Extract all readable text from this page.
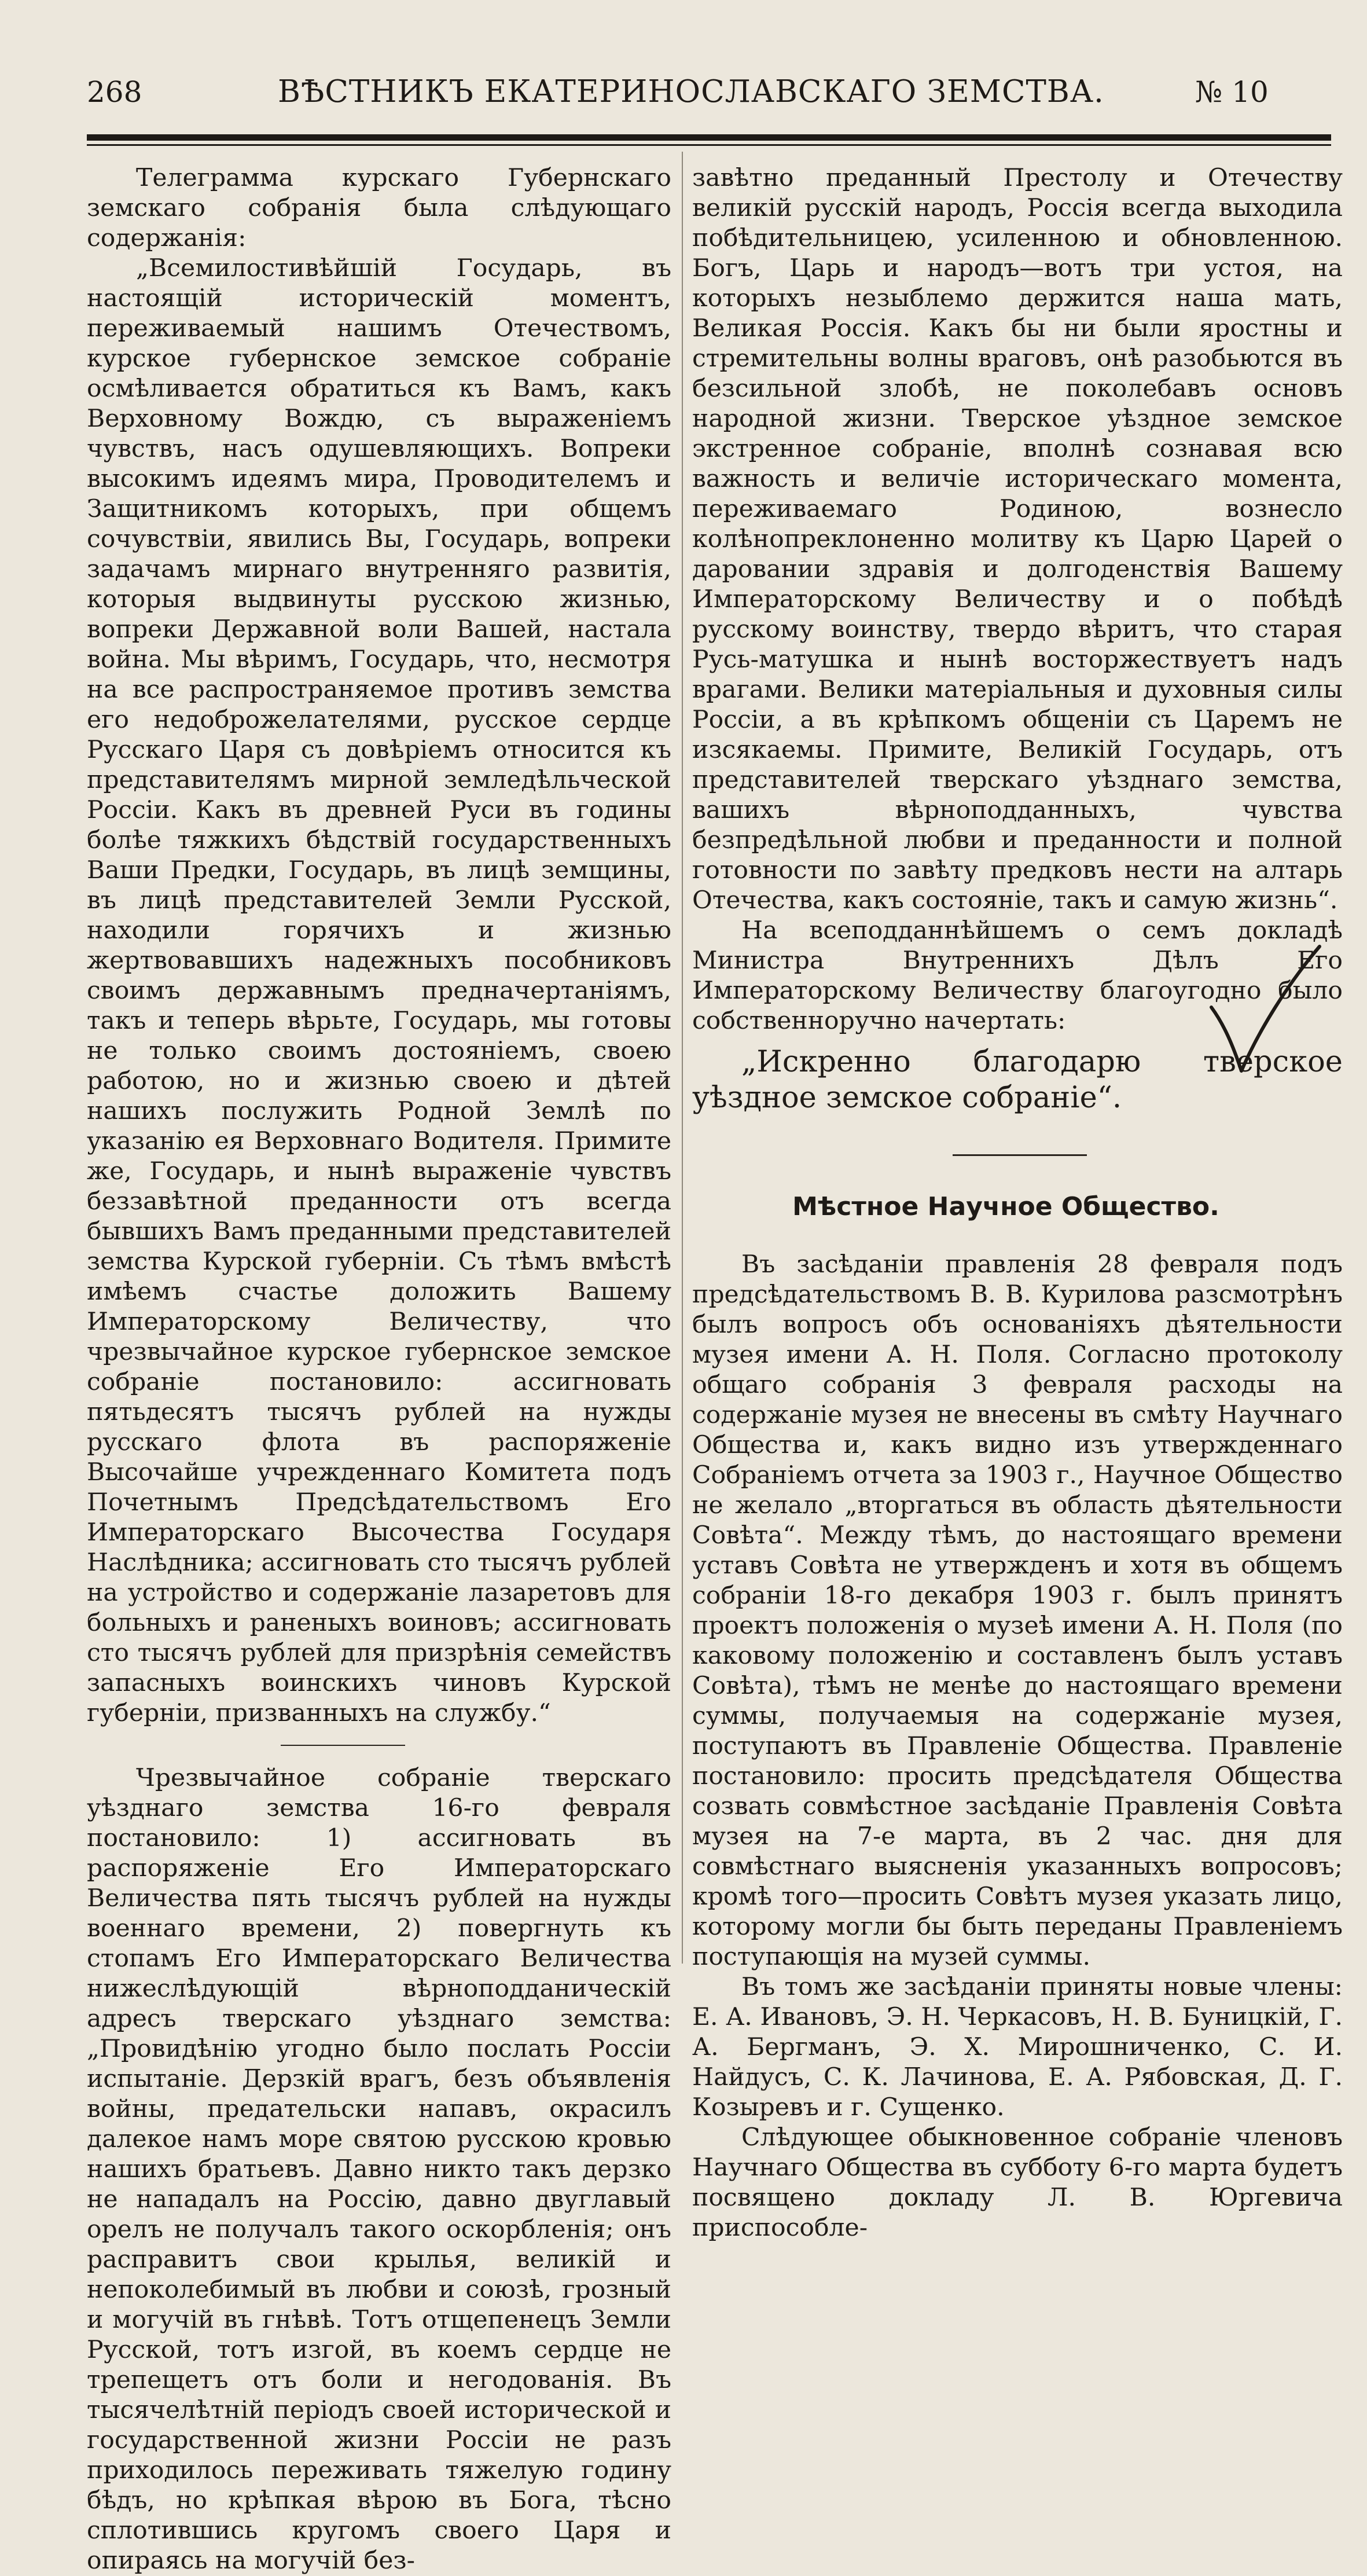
268	ВѢСТНИКЪ ЕКАТЕРИНОСЛАВСКАГО ЗЕМСТВА.	№ 10

Телеграмма курскаго Губернскаго земскаго собранія была слѣдующаго содержанія:

„Всемилостивѣйшій Государь, въ настоящій историческій моментъ, переживаемый нашимъ Отечествомъ, курское губернское земское собраніе осмѣливается обратиться къ Вамъ, какъ Верховному Вождю, съ выраженіемъ чувствъ, насъ одушевляющихъ. Вопреки высокимъ идеямъ мира, Проводителемъ и Защитникомъ которыхъ, при общемъ сочувствіи, явились Вы, Государь, вопреки задачамъ мирнаго внутренняго развитія, которыя выдвинуты русскою жизнью, вопреки Державной воли Вашей, настала война. Мы вѣримъ, Государь, что, несмотря на все распространяемое противъ земства его недоброжелателями, русское сердце Русскаго Царя съ довѣріемъ относится къ представителямъ мирной земледѣльческой Россіи. Какъ въ древней Руси въ годины болѣе тяжкихъ бѣдствій государственныхъ Ваши Предки, Государь, въ лицѣ земщины, въ лицѣ представителей Земли Русской, находили горячихъ и жизнью жертвовавшихъ надежныхъ пособниковъ своимъ державнымъ предначертаніямъ, такъ и теперь вѣрьте, Государь, мы готовы не только своимъ достояніемъ, своею работою, но и жизнью своею и дѣтей нашихъ послужить Родной Землѣ по указанію ея Верховнаго Водителя. Примите же, Государь, и нынѣ выраженіе чувствъ беззавѣтной преданности отъ всегда бывшихъ Вамъ преданными представителей земства Курской губерніи. Съ тѣмъ вмѣстѣ имѣемъ счастье доложить Вашему Императорскому Величеству, что чрезвычайное курское губернское земское собраніе постановило: ассигновать пятьдесятъ тысячъ рублей на нужды русскаго флота въ распоряженіе Высочайше учрежденнаго Комитета подъ Почетнымъ Предсѣдательствомъ Его Императорскаго Высочества Государя Наслѣдника; ассигновать сто тысячъ рублей на устройство и содержаніе лазаретовъ для больныхъ и раненыхъ воиновъ; ассигновать сто тысячъ рублей для призрѣнія семействъ запасныхъ воинскихъ чиновъ Курской губерніи, призванныхъ на службу.“

Чрезвычайное собраніе тверскаго уѣзднаго земства 16-го февраля постановило: 1) ассигновать въ распоряженіе Его Императорскаго Величества пять тысячъ рублей на нужды военнаго времени, 2) повергнуть къ стопамъ Его Императорскаго Величества нижеслѣдующій вѣрноподданическій адресъ тверскаго уѣзднаго земства: „Провидѣнію угодно было послать Россіи испытаніе. Дерзкій врагъ, безъ объявленія войны, предательски напавъ, окрасилъ далекое намъ море святою русскою кровью нашихъ братьевъ. Давно никто такъ дерзко не нападалъ на Россію, давно двуглавый орелъ не получалъ такого оскорбленія; онъ расправитъ свои крылья, великій и непоколебимый въ любви и союзѣ, грозный и могучій въ гнѣвѣ. Тотъ отщепенецъ Земли Русской, тотъ изгой, въ коемъ сердце не трепещетъ отъ боли и негодованія. Въ тысячелѣтній періодъ своей исторической и государственной жизни Россіи не разъ приходилось переживать тяжелую годину бѣдъ, но крѣпкая вѣрою въ Бога, тѣсно сплотившись кругомъ своего Царя и опираясь на могучій без-

завѣтно преданный Престолу и Отечеству великій русскій народъ, Россія всегда выходила побѣдительницею, усиленною и обновленною. Богъ, Царь и народъ—вотъ три устоя, на которыхъ незыблемо держится наша мать, Великая Россія. Какъ бы ни были яростны и стремительны волны враговъ, онѣ разобьются въ безсильной злобѣ, не поколебавъ основъ народной жизни. Тверское уѣздное земское экстренное собраніе, вполнѣ сознавая всю важность и величіе историческаго момента, переживаемаго Родиною, вознесло колѣнопреклоненно молитву къ Царю Царей о даровании здравія и долгоденствія Вашему Императорскому Величеству и о побѣдѣ русскому воинству, твердо вѣритъ, что старая Русь-матушка и нынѣ восторжествуетъ надъ врагами. Велики матеріальныя и духовныя силы Россіи, а въ крѣпкомъ общеніи съ Царемъ не изсякаемы. Примите, Великій Государь, отъ представителей тверскаго уѣзднаго земства, вашихъ вѣрноподданныхъ, чувства безпредѣльной любви и преданности и полной готовности по завѣту предковъ нести на алтарь Отечества, какъ состояніе, такъ и самую жизнь“.

На всеподданнѣйшемъ о семъ докладѣ Министра Внутреннихъ Дѣлъ Его Императорскому Величеству благоугодно было собственноручно начертать:

„Искренно благодарю тверское уѣздное земское собраніе“.

Мѣстное Научное Общество.

Въ засѣданіи правленія 28 февраля подъ предсѣдательствомъ В. В. Курилова разсмотрѣнъ былъ вопросъ объ основаніяхъ дѣятельности музея имени А. Н. Поля. Согласно протоколу общаго собранія 3 февраля расходы на содержаніе музея не внесены въ смѣту Научнаго Общества и, какъ видно изъ утвержденнаго Собраніемъ отчета за 1903 г., Научное Общество не желало „вторгаться въ область дѣятельности Совѣта“. Между тѣмъ, до настоящаго времени уставъ Совѣта не утвержденъ и хотя въ общемъ собраніи 18-го декабря 1903 г. былъ принятъ проектъ положенія о музеѣ имени А. Н. Поля (по каковому положенію и составленъ былъ уставъ Совѣта), тѣмъ не менѣе до настоящаго времени суммы, получаемыя на содержаніе музея, поступаютъ въ Правленіе Общества. Правленіе постановило: просить предсѣдателя Общества созвать совмѣстное засѣданіе Правленія Совѣта музея на 7-е марта, въ 2 час. дня для совмѣстнаго выясненія указанныхъ вопросовъ; кромѣ того—просить Совѣтъ музея указать лицо, которому могли бы быть переданы Правленіемъ поступающія на музей суммы.

Въ томъ же засѣданіи приняты новые члены: Е. А. Ивановъ, Э. Н. Черкасовъ, Н. В. Буницкій, Г. А. Бергманъ, Э. Х. Мирошниченко, С. И. Найдусъ, С. К. Лачинова, Е. А. Рябовская, Д. Г. Козыревъ и г. Сущенко.

Слѣдующее обыкновенное собраніе членовъ Научнаго Общества въ субботу 6-го марта будетъ посвящено докладу Л. В. Юргевича приспособле-
